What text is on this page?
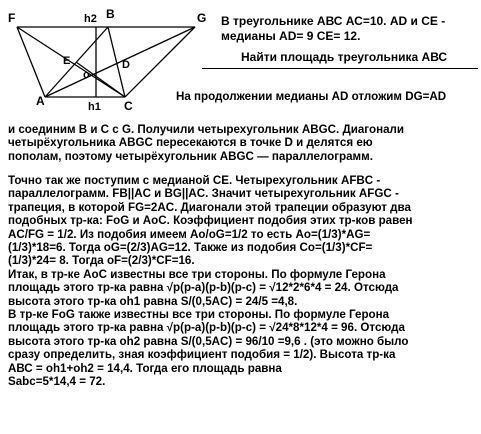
F	h2 B	G
E
o
D
A	h1 C
В треугольнике АВС АС=10. АD и СЕ -
медианы АD= 9 СЕ= 12.
Найти площадь треугольника АВС
На продолжении медианы АD отложим DG=AD
и соединим В и С с G. Получили четырехугольник АВGC. Диагонали
четырёхугольника АВGC пересекаются в точке D и делятся ею
пополам, поэтому четырёхугольник АВGC — параллелограмм.
Точно так же поступим с медианой СЕ. Четырехугольник AFBC -
параллелограмм. FB||AC и BG||AC. Значит четырехугольник AFGC -
трапеция, в которой FG=2AC. Диагонали этой трапеции образуют два
подобных тр-ка: FoG и АоС. Коэффициент подобия этих тр-ков равен
AC/FG = 1/2. Из подобия имеем Ao/oG=1/2 то есть Ao=(1/3)*AG=
(1/3)*18=6. Тогда oG=(2/3)AG=12. Также из подобия Co=(1/3)*CF=
(1/3)*24= 8. Тогда oF=(2/3)*CF=16.
Итак, в тр-ке АоС известны все три стороны. По формуле Герона
площадь этого тр-ка равна √p(p-a)(p-b)(p-c) = √12*2*6*4 = 24. Отсюда
высота этого тр-ка oh1 равна S/(0,5AC) = 24/5 =4,8.
В тр-ке FoG также известны все три стороны. По формуле Герона
площадь этого тр-ка равна √p(p-a)(p-b)(p-c) = √24*8*12*4 = 96. Отсюда
высота этого тр-ка oh2 равна S/(0,5AC) = 96/10 =9,6 . (это можно было
сразу определить, зная коэффициент подобия = 1/2). Высота тр-ка
АВС = oh1+oh2 = 14,4. Тогда его площадь равна
Sabc=5*14,4 = 72.
